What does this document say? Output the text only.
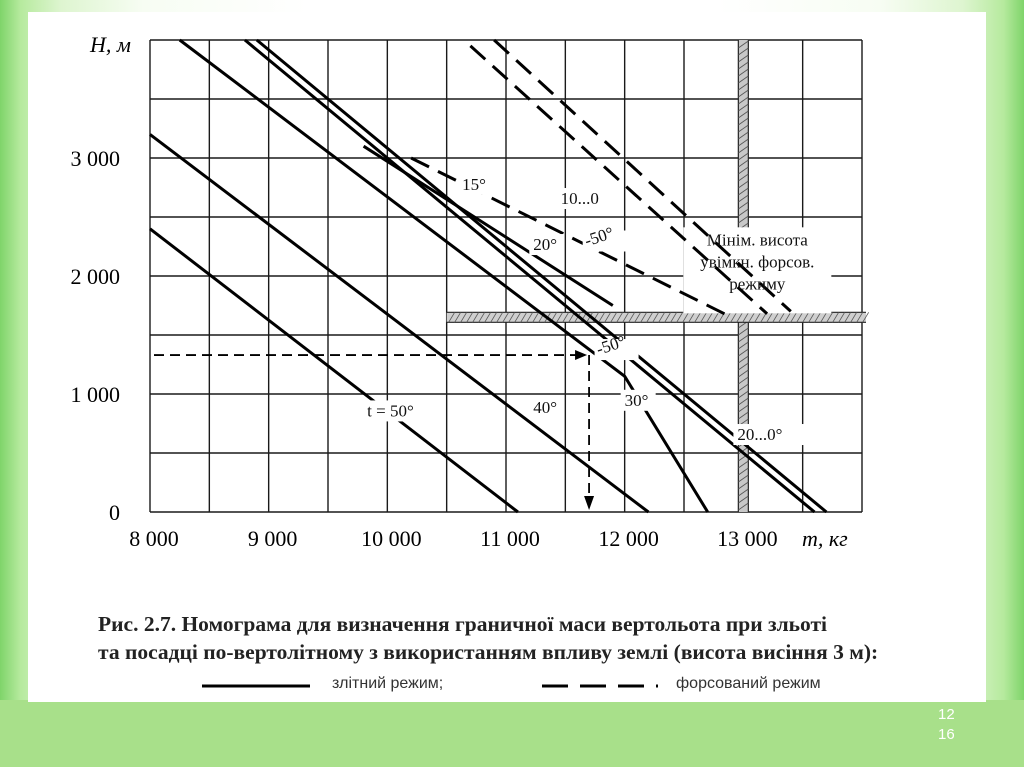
8 000	9 000	10 000	11 000	12 000	13 000
0
1 000
2 000
3 000
H, м
m, кг
t = 50°	40°	30°
20...0°
20°
15°
10...0
-50°
-50°
Мінім. висота
увімкн. форсов.
режиму
Рис. 2.7. Номограма для визначення граничної маси вертольота при зльоті
та посадці по-вертолітному з використанням впливу землі (висота висіння 3 м):
злітний режим;	форсований режим
12
16
